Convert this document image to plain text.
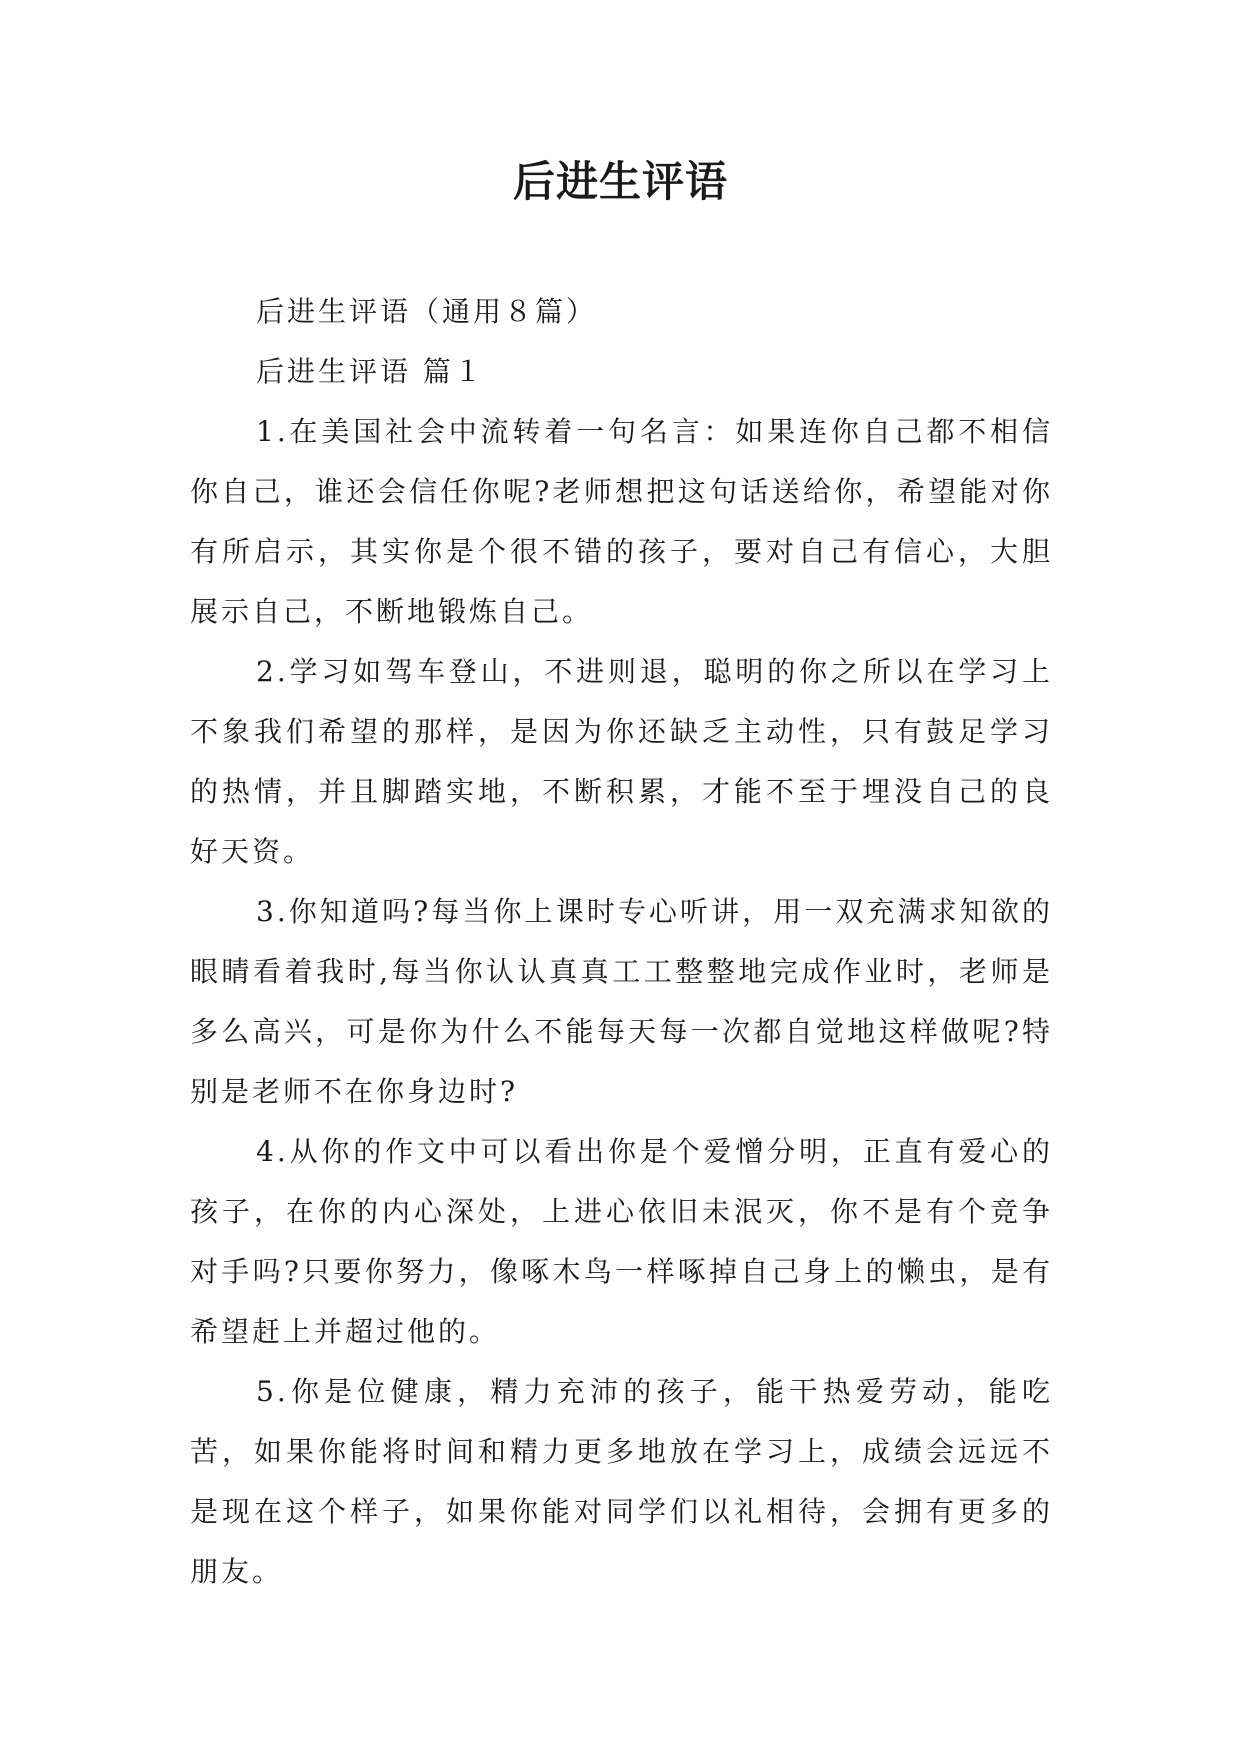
后进生评语

后进生评语（通用８篇）

后进生评语 篇１

1.在美国社会中流转着一句名言：如果连你自己都不相信你自己，谁还会信任你呢?老师想把这句话送给你，希望能对你有所启示，其实你是个很不错的孩子，要对自己有信心，大胆展示自己，不断地锻炼自己。

2.学习如驾车登山，不进则退，聪明的你之所以在学习上不象我们希望的那样，是因为你还缺乏主动性，只有鼓足学习的热情，并且脚踏实地，不断积累，才能不至于埋没自己的良好天资。

3.你知道吗?每当你上课时专心听讲，用一双充满求知欲的眼睛看着我时,每当你认认真真工工整整地完成作业时，老师是多么高兴，可是你为什么不能每天每一次都自觉地这样做呢?特别是老师不在你身边时?

4.从你的作文中可以看出你是个爱憎分明，正直有爱心的孩子，在你的内心深处，上进心依旧未泯灭，你不是有个竞争对手吗?只要你努力，像啄木鸟一样啄掉自己身上的懒虫，是有希望赶上并超过他的。

5.你是位健康，精力充沛的孩子，能干热爱劳动，能吃苦，如果你能将时间和精力更多地放在学习上，成绩会远远不是现在这个样子，如果你能对同学们以礼相待，会拥有更多的朋友。
